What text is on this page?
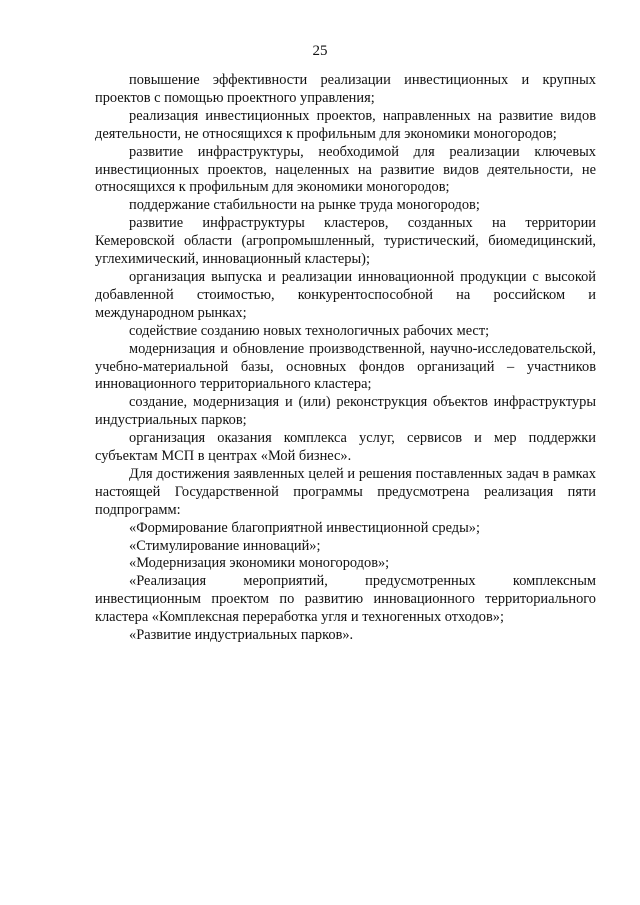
25

повышение эффективности реализации инвестиционных и крупных проектов с помощью проектного управления;

реализация инвестиционных проектов, направленных на развитие видов деятельности, не относящихся к профильным для экономики моногородов;

развитие инфраструктуры, необходимой для реализации ключевых инвестиционных проектов, нацеленных на развитие видов деятельности, не относящихся к профильным для экономики моногородов;

поддержание стабильности на рынке труда моногородов;

развитие инфраструктуры кластеров, созданных на территории Кемеровской области (агропромышленный, туристический, биомедицинский, углехимический, инновационный кластеры);

организация выпуска и реализации инновационной продукции с высокой добавленной стоимостью, конкурентоспособной на российском и международном рынках;

содействие созданию новых технологичных рабочих мест;

модернизация и обновление производственной, научно-исследовательской, учебно-материальной базы, основных фондов организаций – участников инновационного территориального кластера;

создание, модернизация и (или) реконструкция объектов инфраструктуры индустриальных парков;

организация оказания комплекса услуг, сервисов и мер поддержки субъектам МСП в центрах «Мой бизнес».

Для достижения заявленных целей и решения поставленных задач в рамках настоящей Государственной программы предусмотрена реализация пяти подпрограмм:

«Формирование благоприятной инвестиционной среды»;

«Стимулирование инноваций»;

«Модернизация экономики моногородов»;

«Реализация мероприятий, предусмотренных комплексным инвестиционным проектом по развитию инновационного территориального кластера «Комплексная переработка угля и техногенных отходов»;

«Развитие индустриальных парков».
